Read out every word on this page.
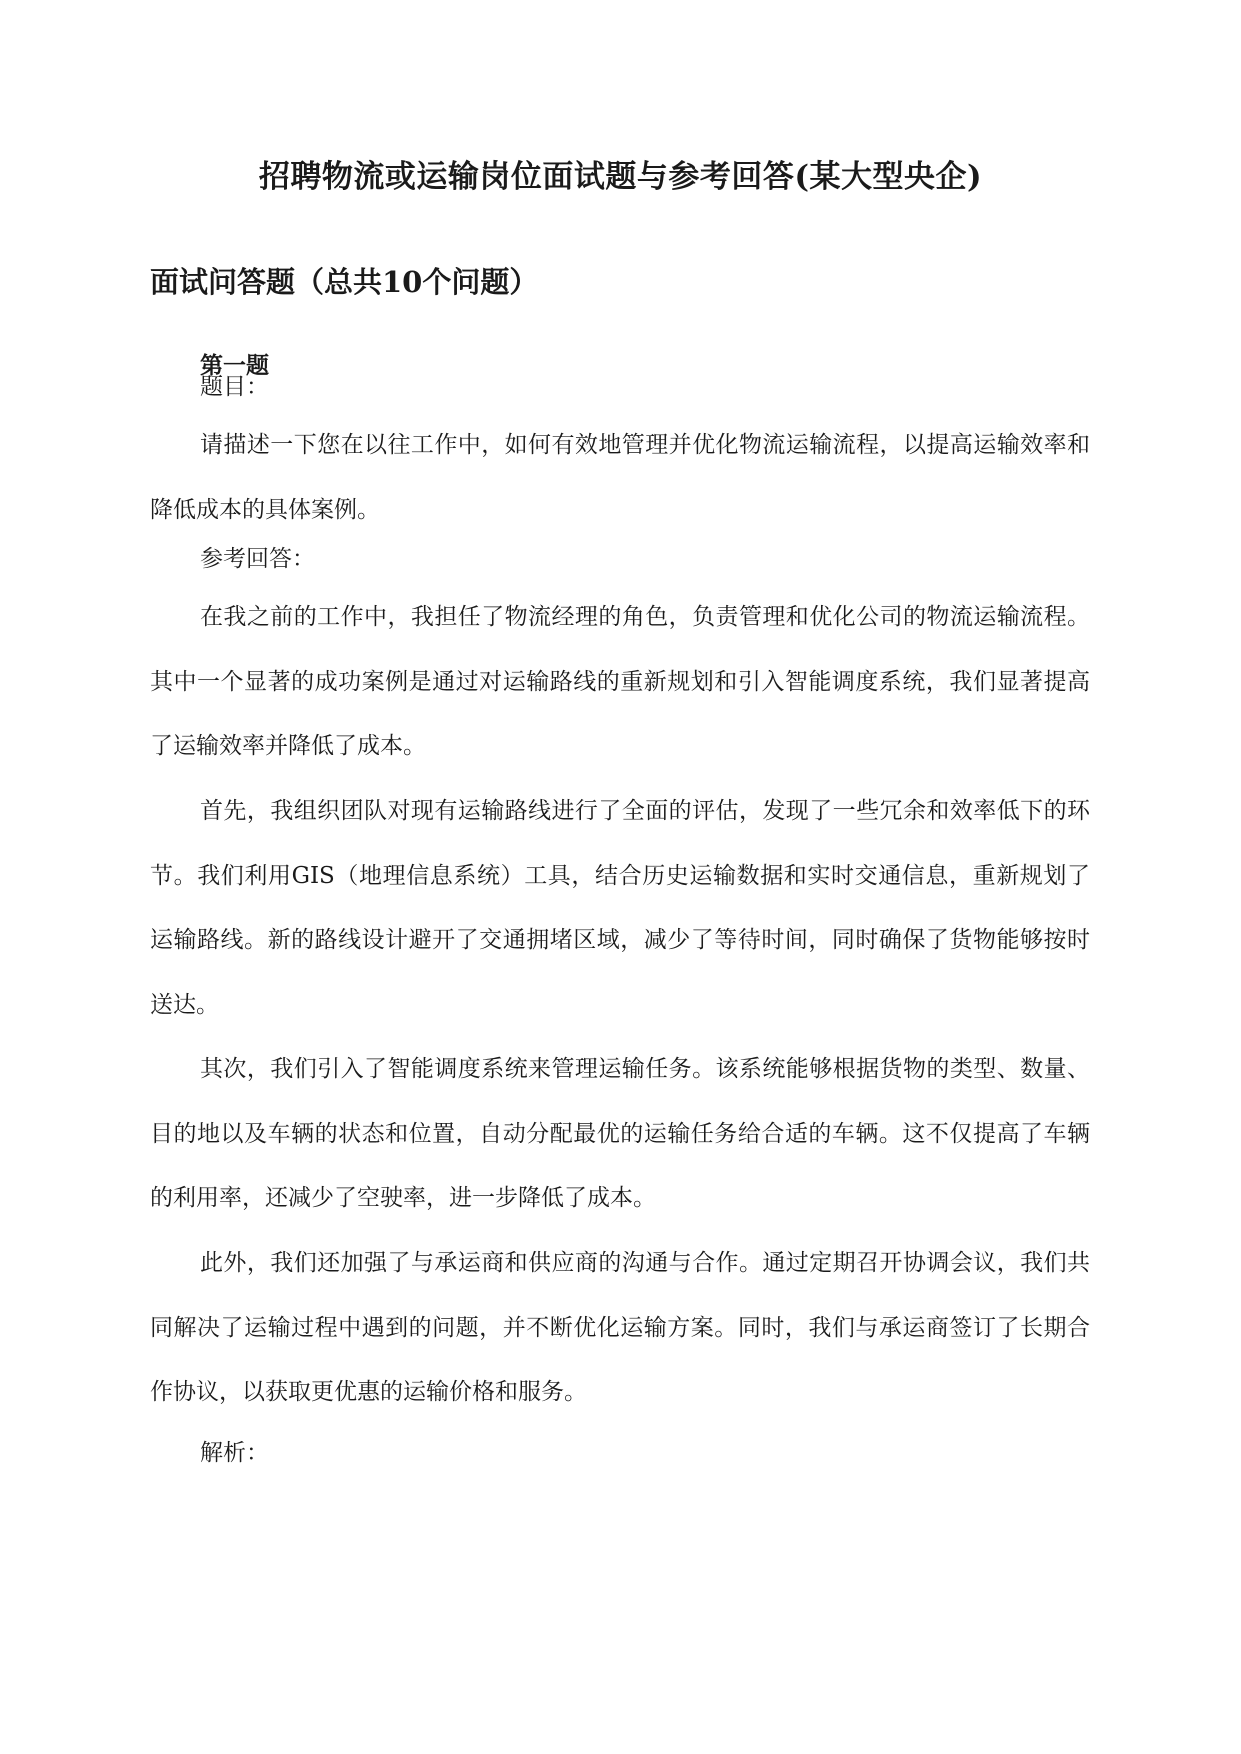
招聘物流或运输岗位面试题与参考回答(某大型央企)
面试问答题（总共10个问题）
第一题
题目：

请描述一下您在以往工作中，如何有效地管理并优化物流运输流程，以提高运输效率和降低成本的具体案例。

参考回答：

在我之前的工作中，我担任了物流经理的角色，负责管理和优化公司的物流运输流程。其中一个显著的成功案例是通过对运输路线的重新规划和引入智能调度系统，我们显著提高了运输效率并降低了成本。

首先，我组织团队对现有运输路线进行了全面的评估，发现了一些冗余和效率低下的环节。我们利用GIS（地理信息系统）工具，结合历史运输数据和实时交通信息，重新规划了运输路线。新的路线设计避开了交通拥堵区域，减少了等待时间，同时确保了货物能够按时送达。

其次，我们引入了智能调度系统来管理运输任务。该系统能够根据货物的类型、数量、目的地以及车辆的状态和位置，自动分配最优的运输任务给合适的车辆。这不仅提高了车辆的利用率，还减少了空驶率，进一步降低了成本。

此外，我们还加强了与承运商和供应商的沟通与合作。通过定期召开协调会议，我们共同解决了运输过程中遇到的问题，并不断优化运输方案。同时，我们与承运商签订了长期合作协议，以获取更优惠的运输价格和服务。

解析：
